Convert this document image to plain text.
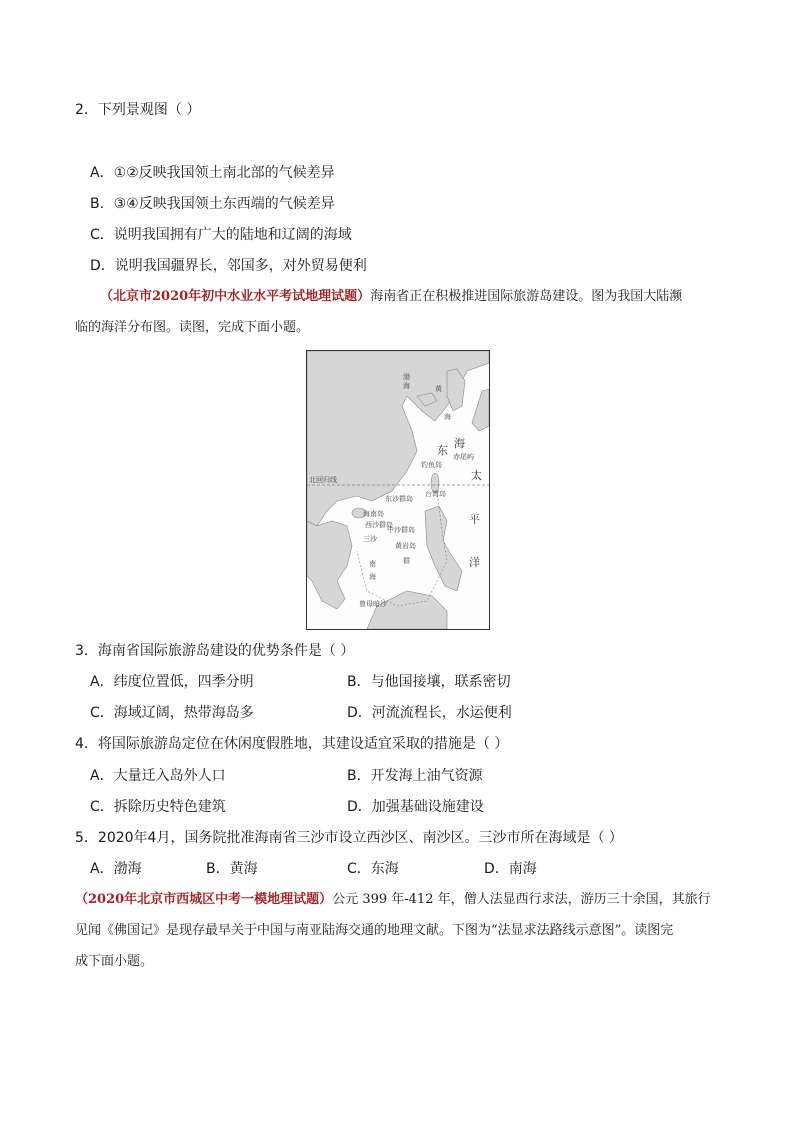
2．下列景观图（ ）
A．①②反映我国领土南北部的气候差异
B．③④反映我国领土东西端的气候差异
C．说明我国拥有广大的陆地和辽阔的海域
D．说明我国疆界长，邻国多，对外贸易便利
（北京市2020年初中水业水平考试地理试题）海南省正在积极推进国际旅游岛建设。图为我国大陆濒
临的海洋分布图。读图，完成下面小题。
渤
海	黄
海
东
海
赤尾屿
钓鱼岛
太
北回归线
台湾岛
东沙群岛
平
海南岛
西沙群岛
中沙群岛
三沙
黄岩岛
洋
南
海
群
曾母暗沙
3．海南省国际旅游岛建设的优势条件是（ ）
A．纬度位置低，四季分明	B．与他国接壤，联系密切
C．海域辽阔，热带海岛多	D．河流流程长，水运便利
4．将国际旅游岛定位在休闲度假胜地，其建设适宜采取的措施是（ ）
A．大量迁入岛外人口	B．开发海上油气资源
C．拆除历史特色建筑	D．加强基础设施建设
5．2020年4月，国务院批准海南省三沙市设立西沙区、南沙区。三沙市所在海域是（ ）
A．渤海	B．黄海	C．东海	D．南海
（2020年北京市西城区中考一模地理试题）公元 399 年-412 年，僧人法显西行求法，游历三十余国，其旅行
见闻《佛国记》是现存最早关于中国与南亚陆海交通的地理文献。下图为“法显求法路线示意图”。读图完
成下面小题。
